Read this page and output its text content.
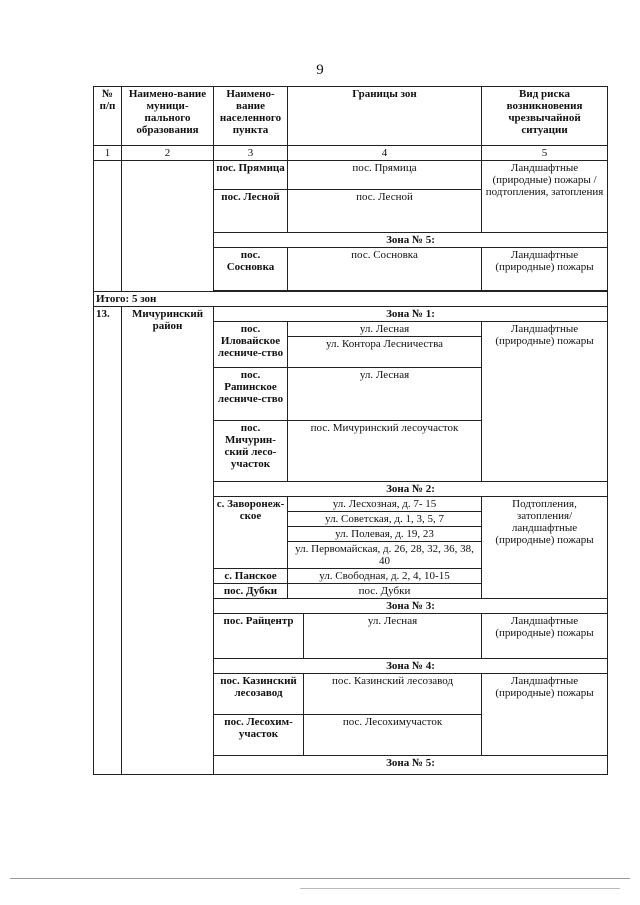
9
№ п/п	Наимено-вание муници-пального образования	Наимено-вание населенного пункта	Границы зон		Вид риска возникновения чрезвычайной ситуации
1	2	3	4		5
		пос. Прямица	пос. Прямица		Ландшафтные (природные) пожары / подтопления, затопления
		пос. Лесной	пос. Лесной		
		Зона № 5:			
		пос. Сосновка	пос. Сосновка		Ландшафтные (природные) пожары

Итого: 5 зон					
13.	Мичуринский район	Зона № 1:			
		пос. Иловайское лесниче-ство	ул. Лесная		Ландшафтные (природные) пожары
			ул. Контора Лесничества		
		пос. Рапинское лесниче-ство	ул. Лесная		
		пос. Мичурин-ский лесо-участок	пос. Мичуринский лесоучасток		
		Зона № 2:			
		с. Заворонеж-ское	ул. Лесхозная, д. 7- 15		Подтопления, затопления/ ландшафтные (природные) пожары
			ул. Советская, д. 1, 3, 5, 7		
			ул. Полевая, д. 19, 23		
			ул. Первомайская, д. 26, 28, 32, 36, 38, 40		
		с. Панское	ул. Свободная, д. 2, 4, 10-15		
		пос. Дубки	пос. Дубки		
		Зона № 3:			
		пос. Райцентр		ул. Лесная	Ландшафтные (природные) пожары
		Зона № 4:			
		пос. Казинский лесозавод		пос. Казинский лесозавод	Ландшафтные (природные) пожары
		пос. Лесохим-участок		пос. Лесохимучасток	
		Зона № 5:			
